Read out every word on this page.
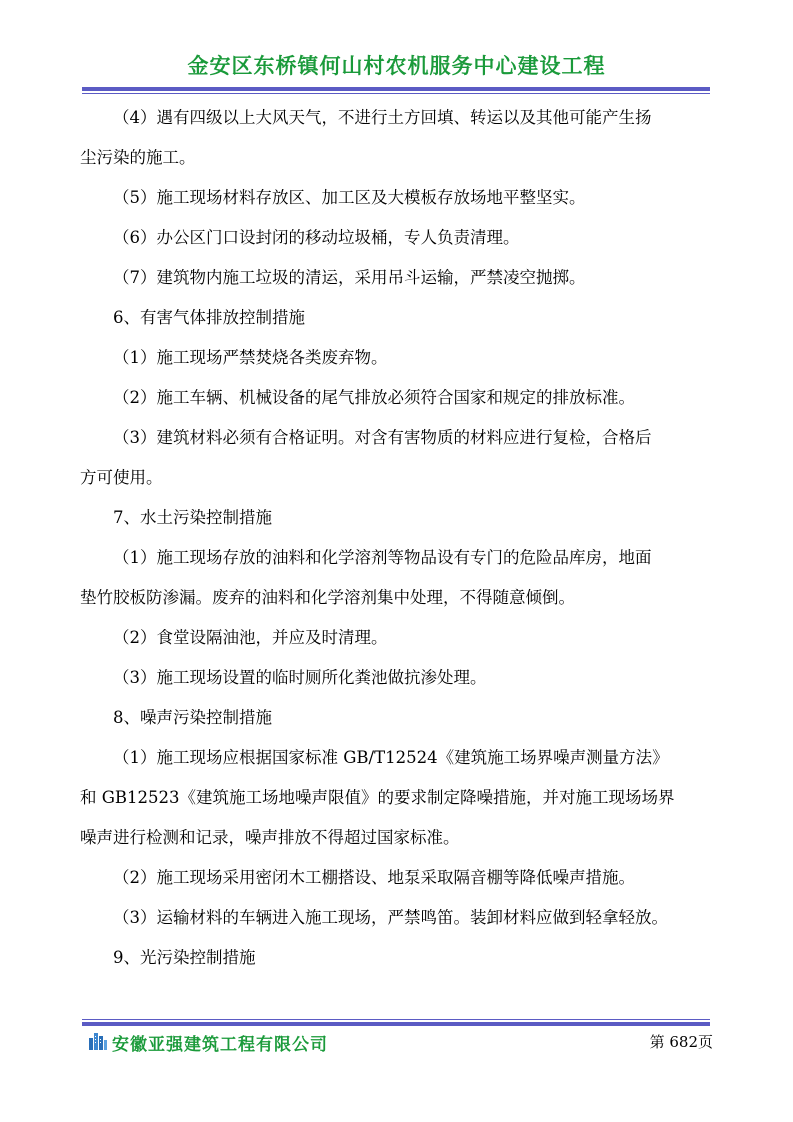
金安区东桥镇何山村农机服务中心建设工程
（4）遇有四级以上大风天气，不进行土方回填、转运以及其他可能产生扬
尘污染的施工。
（5）施工现场材料存放区、加工区及大模板存放场地平整坚实。
（6）办公区门口设封闭的移动垃圾桶，专人负责清理。
（7）建筑物内施工垃圾的清运，采用吊斗运输，严禁凌空抛掷。
6、有害气体排放控制措施
（1）施工现场严禁焚烧各类废弃物。
（2）施工车辆、机械设备的尾气排放必须符合国家和规定的排放标准。
（3）建筑材料必须有合格证明。对含有害物质的材料应进行复检，合格后
方可使用。
7、水土污染控制措施
（1）施工现场存放的油料和化学溶剂等物品设有专门的危险品库房，地面
垫竹胶板防渗漏。废弃的油料和化学溶剂集中处理，不得随意倾倒。
（2）食堂设隔油池，并应及时清理。
（3）施工现场设置的临时厕所化粪池做抗渗处理。
8、噪声污染控制措施
（1）施工现场应根据国家标准 GB/T12524《建筑施工场界噪声测量方法》
和 GB12523《建筑施工场地噪声限值》的要求制定降噪措施，并对施工现场场界
噪声进行检测和记录，噪声排放不得超过国家标准。
（2）施工现场采用密闭木工棚搭设、地泵采取隔音棚等降低噪声措施。
（3）运输材料的车辆进入施工现场，严禁鸣笛。装卸材料应做到轻拿轻放。
9、光污染控制措施
安徽亚强建筑工程有限公司	第 682页
